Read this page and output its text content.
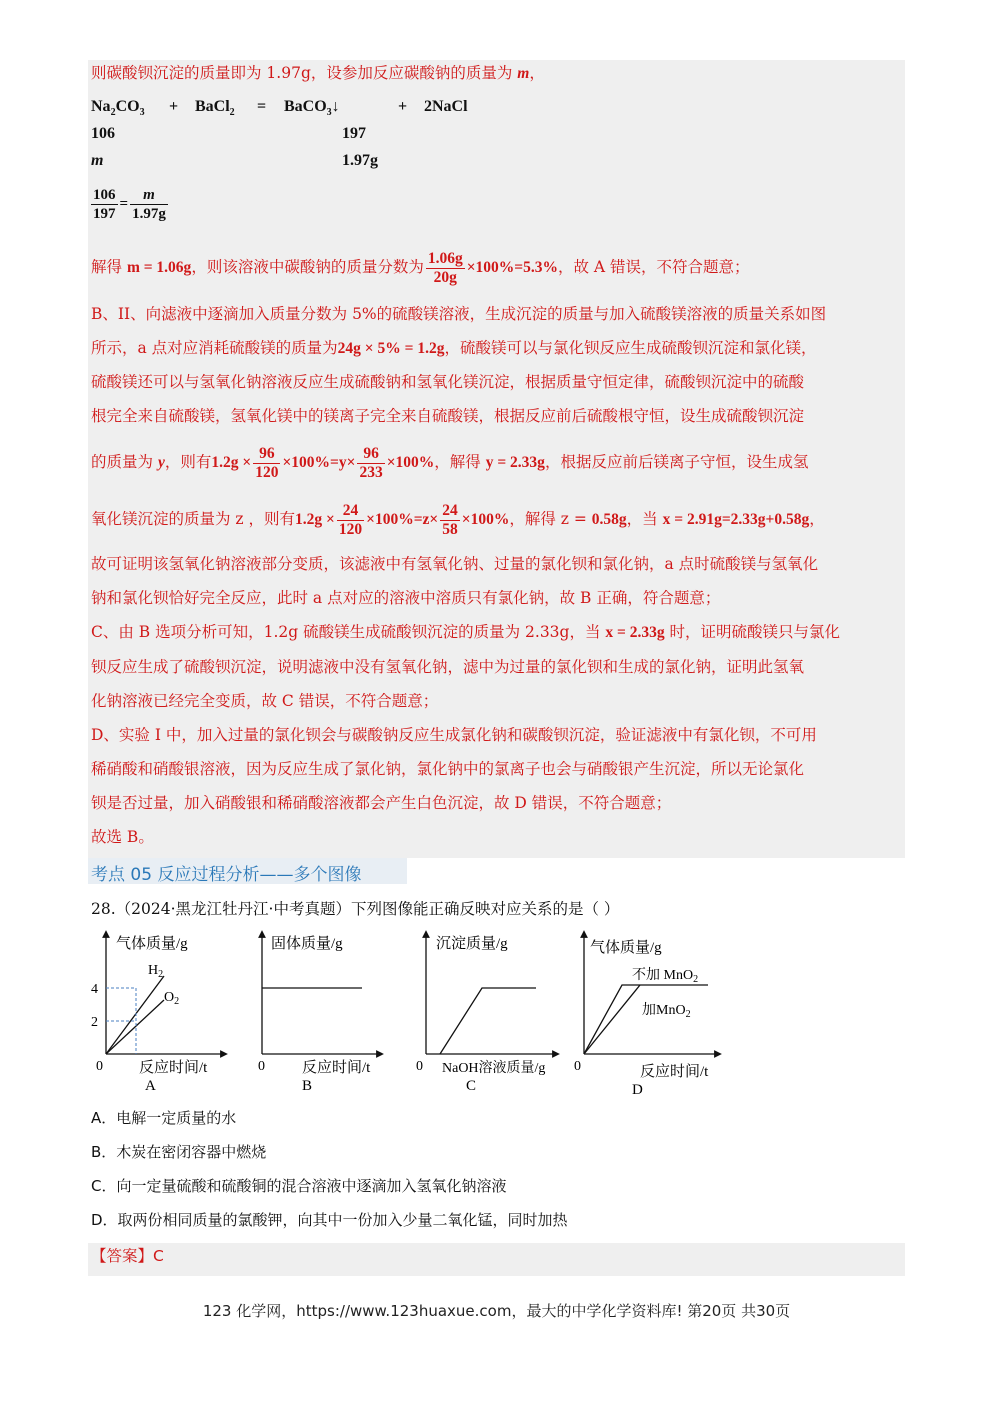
则碳酸钡沉淀的质量即为 1.97g，设参加反应碳酸钠的质量为 m，
$Na_2CO_3$ + BaCl$_2$ = BaCO$_3$↓	+ 2NaCl
106	197
m	1.97g
$\frac{106}{197} = \frac{m}{1.97g}$
解得 m = 1.06g，则该溶液中碳酸钠的质量分数为 $\frac{1.06g}{20g} \times 100\%=5.3\%$，故 A 错误，不符合题意；
B、II、向滤液中逐滴加入质量分数为 5%的硫酸镁溶液，生成沉淀的质量与加入硫酸镁溶液的质量关系如图
所示，a 点对应消耗硫酸镁的质量为24g × 5% = 1.2g，硫酸镁可以与氯化钡反应生成硫酸钡沉淀和氯化镁，
硫酸镁还可以与氢氧化钠溶液反应生成硫酸钠和氢氧化镁沉淀，根据质量守恒定律，硫酸钡沉淀中的硫酸
根完全来自硫酸镁，氢氧化镁中的镁离子完全来自硫酸镁，根据反应前后硫酸根守恒，设生成硫酸钡沉淀
的质量为 y，则有$1.2g \times \frac{96}{120} \times 100\%=y\times \frac{96}{233} \times 100\%$，解得 y = 2.33g，根据反应前后镁离子守恒，设生成氢
氧化镁沉淀的质量为 z ，则有$1.2g \times \frac{24}{120} \times 100\%=z\times \frac{24}{58} \times 100\%$，解得 z = 0.58g，当 x = 2.91g=2.33g+0.58g，
故可证明该氢氧化钠溶液部分变质，该滤液中有氢氧化钠、过量的氯化钡和氯化钠，a 点时硫酸镁与氢氧化
钠和氯化钡恰好完全反应，此时 a 点对应的溶液中溶质只有氯化钠，故 B 正确，符合题意；
C、由 B 选项分析可知，1.2g 硫酸镁生成硫酸钡沉淀的质量为 2.33g，当 x = 2.33g 时，证明硫酸镁只与氯化
钡反应生成了硫酸钡沉淀，说明滤液中没有氢氧化钠，滤中为过量的氯化钡和生成的氯化钠，证明此氢氧
化钠溶液已经完全变质，故 C 错误，不符合题意；
D、实验 I 中，加入过量的氯化钡会与碳酸钠反应生成氯化钠和碳酸钡沉淀，验证滤液中有氯化钡，不可用
稀硝酸和硝酸银溶液，因为反应生成了氯化钠，氯化钠中的氯离子也会与硝酸银产生沉淀，所以无论氯化
钡是否过量，加入硝酸银和稀硝酸溶液都会产生白色沉淀，故 D 错误，不符合题意；
故选 B。
考点 05 反应过程分析——多个图像
28.（2024·黑龙江牡丹江·中考真题）下列图像能正确反映对应关系的是（ ）
气体质量/g
4
2
0 反应时间/t
A
$H_2$
$O_2$
固体质量/g
0 反应时间/t
B
沉淀质量/g
0 NaOH溶液质量/g
C
气体质量/g
不加 MnO$_2$
加MnO$_2$
0	反应时间/t
D
A．电解一定质量的水
B．木炭在密闭容器中燃烧
C．向一定量硫酸和硫酸铜的混合溶液中逐滴加入氢氧化钠溶液
D．取两份相同质量的氯酸钾，向其中一份加入少量二氧化锰，同时加热
【答案】C
123 化学网，https://www.123huaxue.com，最大的中学化学资料库! 第20页 共30页
